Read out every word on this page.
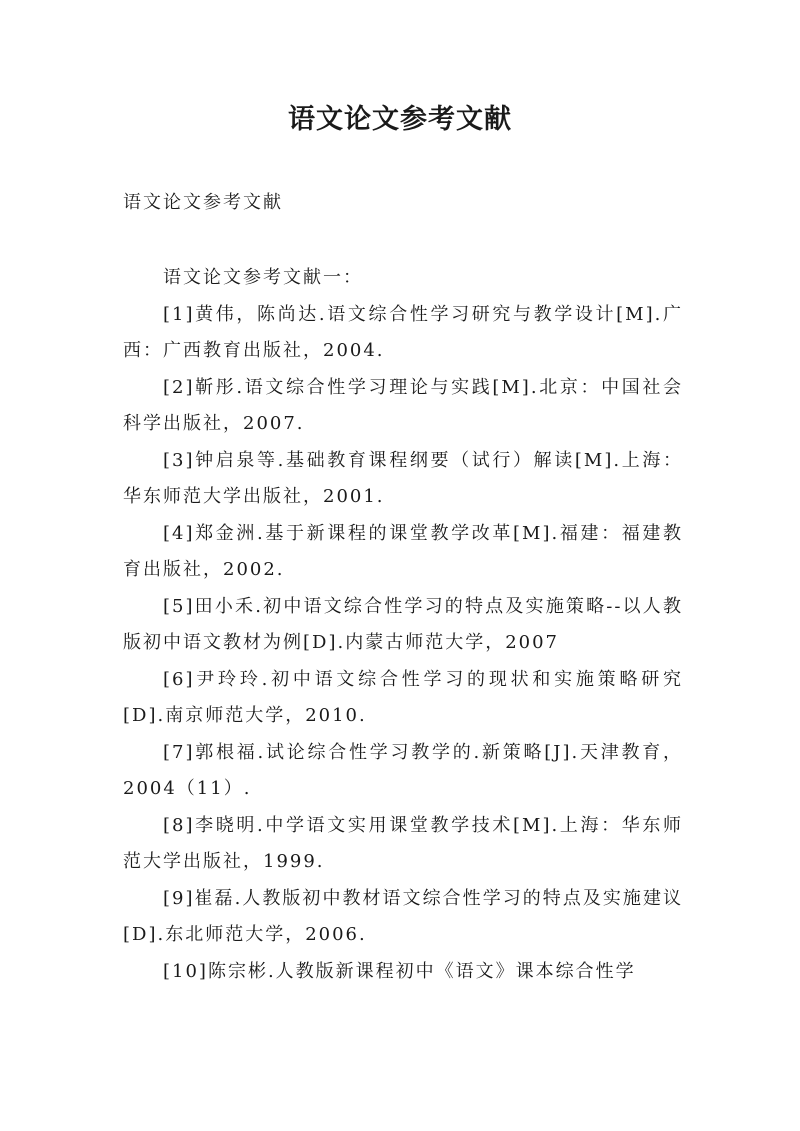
语文论文参考文献
语文论文参考文献

语文论文参考文献一：

[1]黄伟，陈尚达.语文综合性学习研究与教学设计[M].广西：广西教育出版社，2004.

[2]靳彤.语文综合性学习理论与实践[M].北京：中国社会科学出版社，2007.

[3]钟启泉等.基础教育课程纲要（试行）解读[M].上海：华东师范大学出版社，2001.

[4]郑金洲.基于新课程的课堂教学改革[M].福建：福建教育出版社，2002.

[5]田小禾.初中语文综合性学习的特点及实施策略--以人教版初中语文教材为例[D].内蒙古师范大学，2007

[6]尹玲玲.初中语文综合性学习的现状和实施策略研究[D].南京师范大学，2010.

[7]郭根福.试论综合性学习教学的.新策略[J].天津教育，2004（11）.

[8]李晓明.中学语文实用课堂教学技术[M].上海：华东师范大学出版社，1999.

[9]崔磊.人教版初中教材语文综合性学习的特点及实施建议[D].东北师范大学，2006.

[10]陈宗彬.人教版新课程初中《语文》课本综合性学
